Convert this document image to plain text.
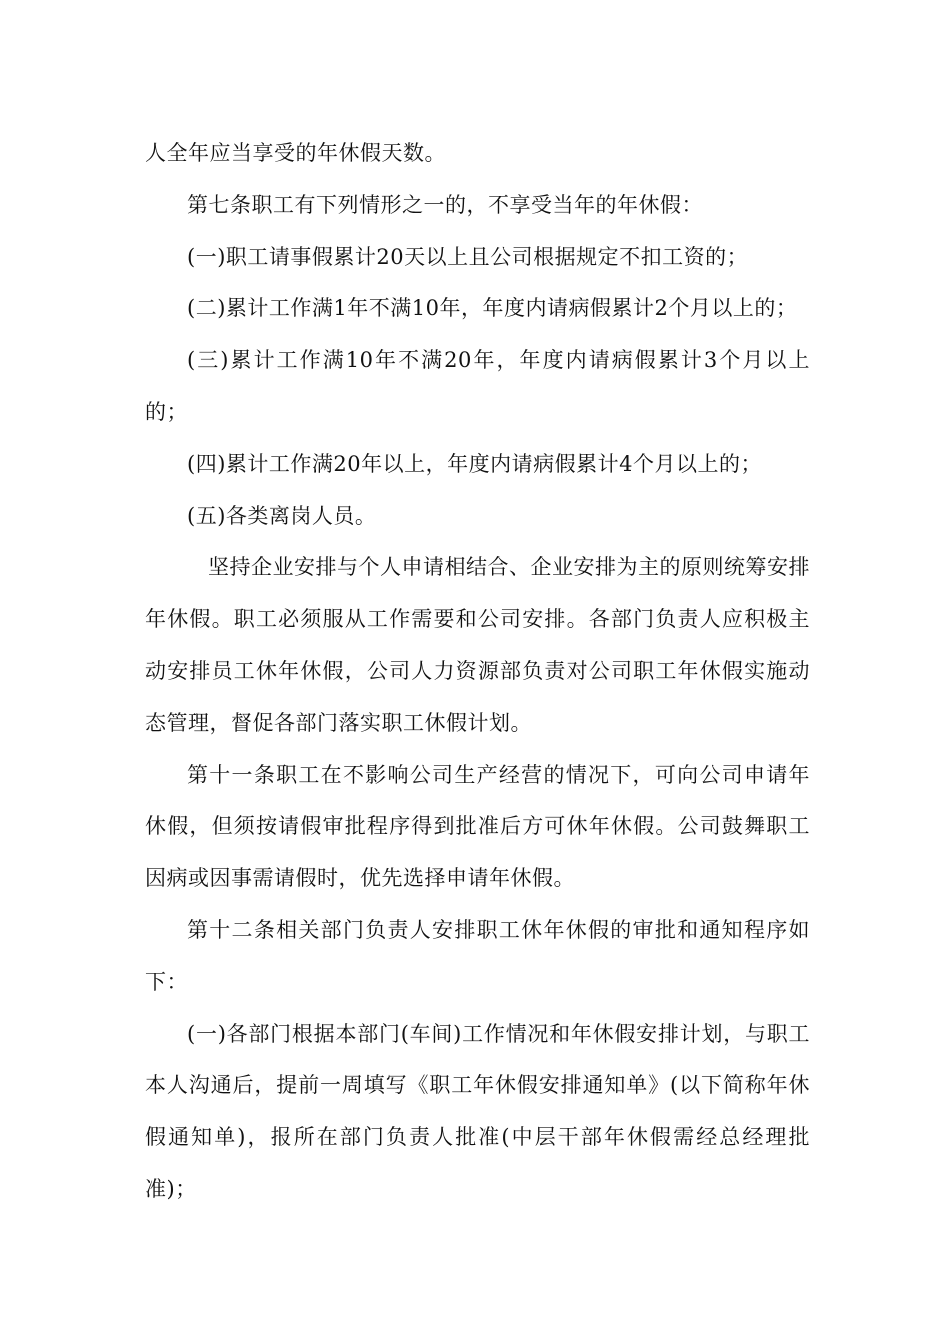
人全年应当享受的年休假天数。

第七条职工有下列情形之一的，不享受当年的年休假：

(一)职工请事假累计20天以上且公司根据规定不扣工资的；

(二)累计工作满1年不满10年，年度内请病假累计2个月以上的；

(三)累计工作满10年不满20年，年度内请病假累计3个月以上的；

(四)累计工作满20年以上，年度内请病假累计4个月以上的；

(五)各类离岗人员。

坚持企业安排与个人申请相结合、企业安排为主的原则统筹安排年休假。职工必须服从工作需要和公司安排。各部门负责人应积极主动安排员工休年休假，公司人力资源部负责对公司职工年休假实施动态管理，督促各部门落实职工休假计划。

第十一条职工在不影响公司生产经营的情况下，可向公司申请年休假，但须按请假审批程序得到批准后方可休年休假。公司鼓舞职工因病或因事需请假时，优先选择申请年休假。

第十二条相关部门负责人安排职工休年休假的审批和通知程序如下：

(一)各部门根据本部门(车间)工作情况和年休假安排计划，与职工本人沟通后，提前一周填写《职工年休假安排通知单》(以下简称年休假通知单)，报所在部门负责人批准(中层干部年休假需经总经理批准)；
